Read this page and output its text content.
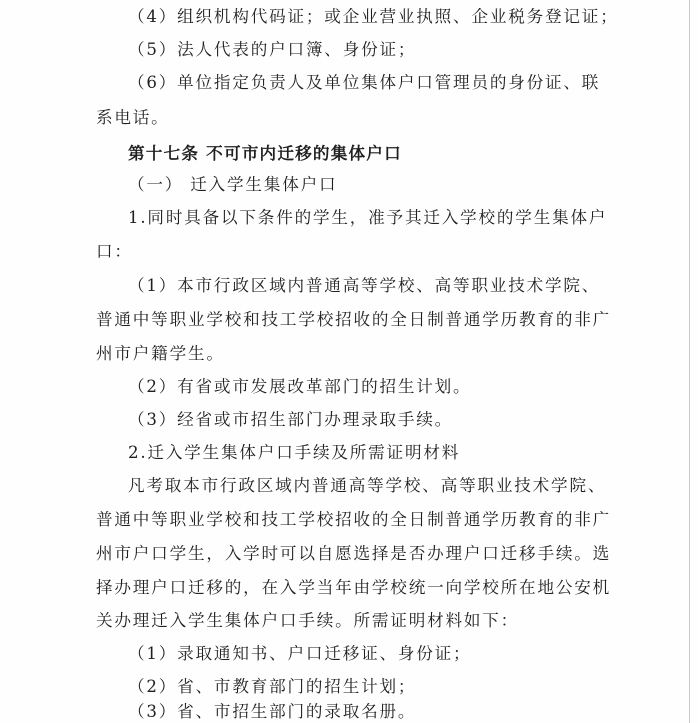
（4）组织机构代码证；或企业营业执照、企业税务登记证；
（5）法人代表的户口簿、身份证；
（6）单位指定负责人及单位集体户口管理员的身份证、联
系电话。
第十七条 不可市内迁移的集体户口
（一） 迁入学生集体户口
1.同时具备以下条件的学生，准予其迁入学校的学生集体户
口：
（1）本市行政区域内普通高等学校、高等职业技术学院、
普通中等职业学校和技工学校招收的全日制普通学历教育的非广
州市户籍学生。
（2）有省或市发展改革部门的招生计划。
（3）经省或市招生部门办理录取手续。
2.迁入学生集体户口手续及所需证明材料
凡考取本市行政区域内普通高等学校、高等职业技术学院、
普通中等职业学校和技工学校招收的全日制普通学历教育的非广
州市户口学生，入学时可以自愿选择是否办理户口迁移手续。选
择办理户口迁移的，在入学当年由学校统一向学校所在地公安机
关办理迁入学生集体户口手续。所需证明材料如下：
（1）录取通知书、户口迁移证、身份证；
（2）省、市教育部门的招生计划；
（3）省、市招生部门的录取名册。
